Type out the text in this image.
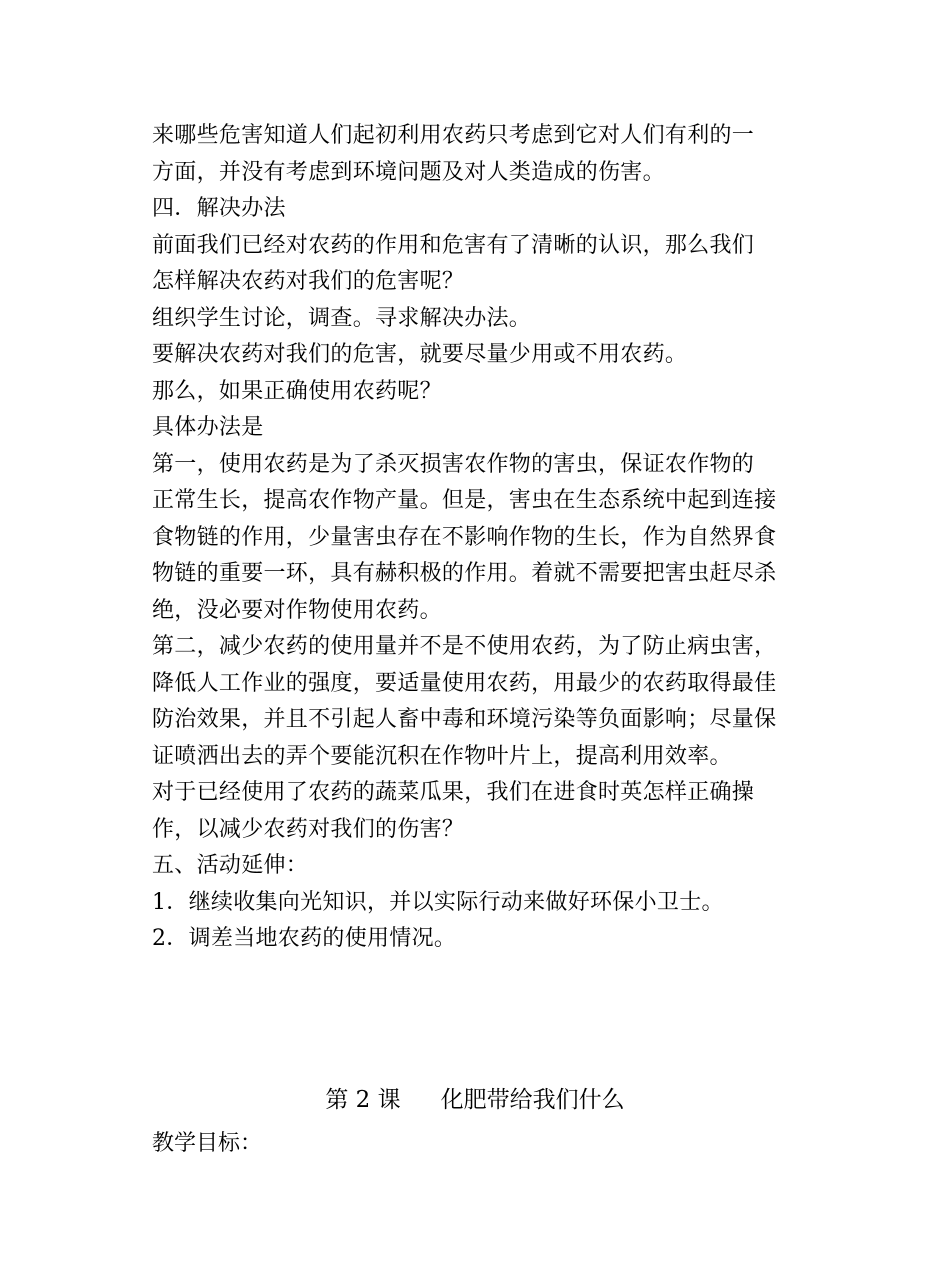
来哪些危害知道人们起初利用农药只考虑到它对人们有利的一
方面，并没有考虑到环境问题及对人类造成的伤害。
四．解决办法
前面我们已经对农药的作用和危害有了清晰的认识，那么我们
怎样解决农药对我们的危害呢？
组织学生讨论，调查。寻求解决办法。
要解决农药对我们的危害，就要尽量少用或不用农药。
那么，如果正确使用农药呢？
具体办法是
第一，使用农药是为了杀灭损害农作物的害虫，保证农作物的
正常生长，提高农作物产量。但是，害虫在生态系统中起到连接
食物链的作用，少量害虫存在不影响作物的生长，作为自然界食
物链的重要一环，具有赫积极的作用。着就不需要把害虫赶尽杀
绝，没必要对作物使用农药。
第二，减少农药的使用量并不是不使用农药，为了防止病虫害，
降低人工作业的强度，要适量使用农药，用最少的农药取得最佳
防治效果，并且不引起人畜中毒和环境污染等负面影响；尽量保
证喷洒出去的弄个要能沉积在作物叶片上，提高利用效率。
对于已经使用了农药的蔬菜瓜果，我们在进食时英怎样正确操
作，以减少农药对我们的伤害？
五、活动延伸：
1．继续收集向光知识，并以实际行动来做好环保小卫士。
2．调差当地农药的使用情况。
第 2 课 化肥带给我们什么
教学目标：
